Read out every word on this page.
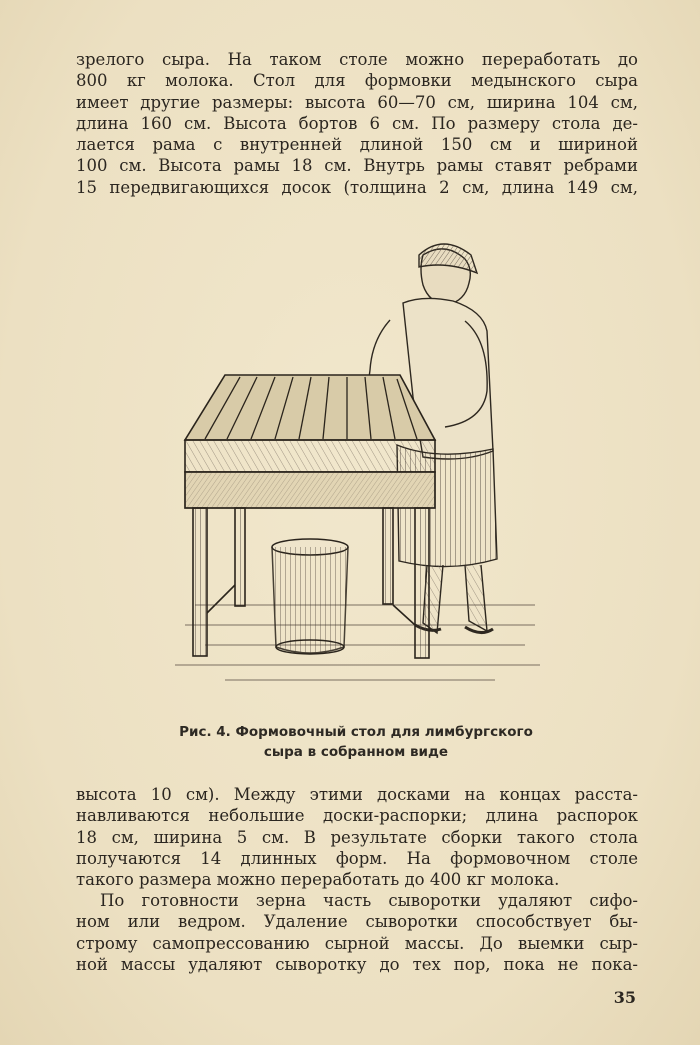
зрелого сыра. На таком столе можно переработать до
800 кг молока. Стол для формовки медынского сыра
имеет другие размеры: высота 60—70 см, ширина 104 см,
длина 160 см. Высота бортов 6 см. По размеру стола де-
лается рама с внутренней длиной 150 см и шириной
100 см. Высота рамы 18 см. Внутрь рамы ставят ребрами
15 передвигающихся досок (толщина 2 см, длина 149 см,

Рис. 4. Формовочный стол для лимбургского
сыра в собранном виде

высота 10 см). Между этими досками на концах расста-
навливаются небольшие доски-распорки; длина распорок
18 см, ширина 5 см. В результате сборки такого стола
получаются 14 длинных форм. На формовочном столе
такого размера можно переработать до 400 кг молока.

По готовности зерна часть сыворотки удаляют сифо-
ном или ведром. Удаление сыворотки способствует бы-
строму самопрессованию сырной массы. До выемки сыр-
ной массы удаляют сыворотку до тех пор, пока не пока-

35
